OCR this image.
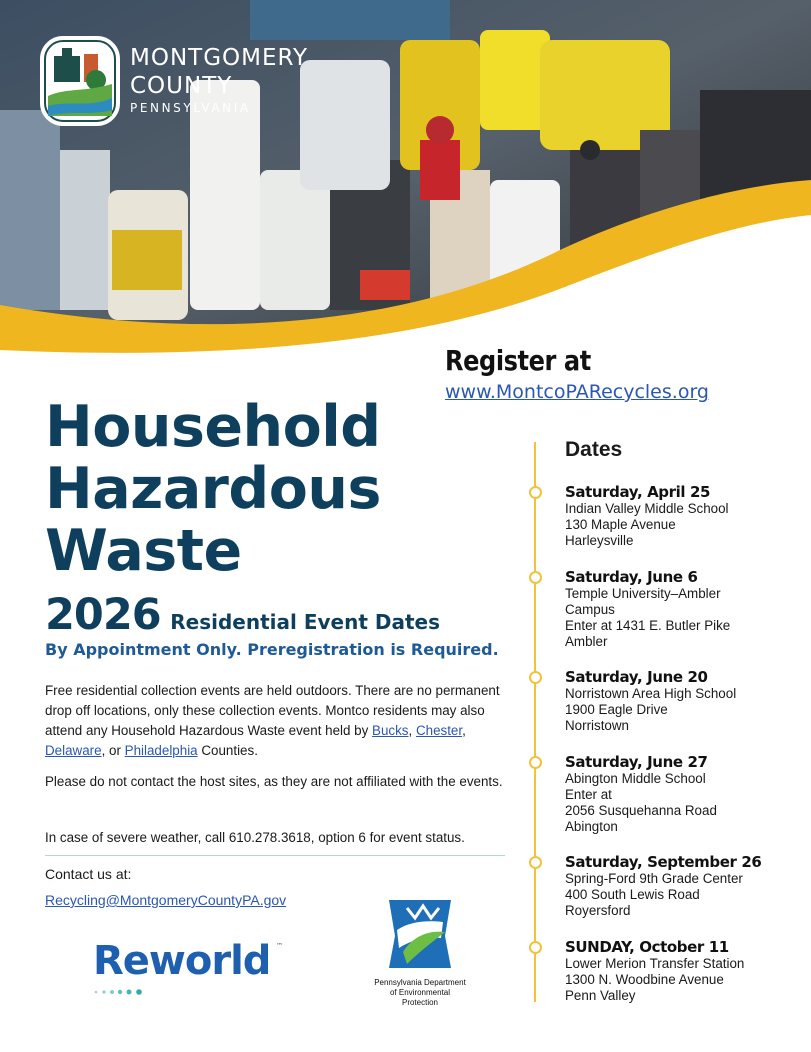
MONTGOMERY
COUNTY
PENNSYLVANIA
Register at
www.MontcoPARecycles.org
Household
Hazardous
Waste
2026 Residential Event Dates
By Appointment Only. Preregistration is Required.
Free residential collection events are held outdoors. There are no permanent drop off locations, only these collection events. Montco residents may also attend any Household Hazardous Waste event held by Bucks, Chester, Delaware, or Philadelphia Counties.
Please do not contact the host sites, as they are not affiliated with the events.
In case of severe weather, call 610.278.3618, option 6 for event status.
Contact us at:
Recycling@MontgomeryCountyPA.gov
Reworld ™
Pennsylvania Department
of Environmental
Protection
Dates
Saturday, April 25
Indian Valley Middle School
130 Maple Avenue
Harleysville
Saturday, June 6
Temple University–Ambler
Campus
Enter at 1431 E. Butler Pike
Ambler
Saturday, June 20
Norristown Area High School
1900 Eagle Drive
Norristown
Saturday, June 27
Abington Middle School
Enter at
2056 Susquehanna Road
Abington
Saturday, September 26
Spring-Ford 9th Grade Center
400 South Lewis Road
Royersford
SUNDAY, October 11
Lower Merion Transfer Station
1300 N. Woodbine Avenue
Penn Valley
